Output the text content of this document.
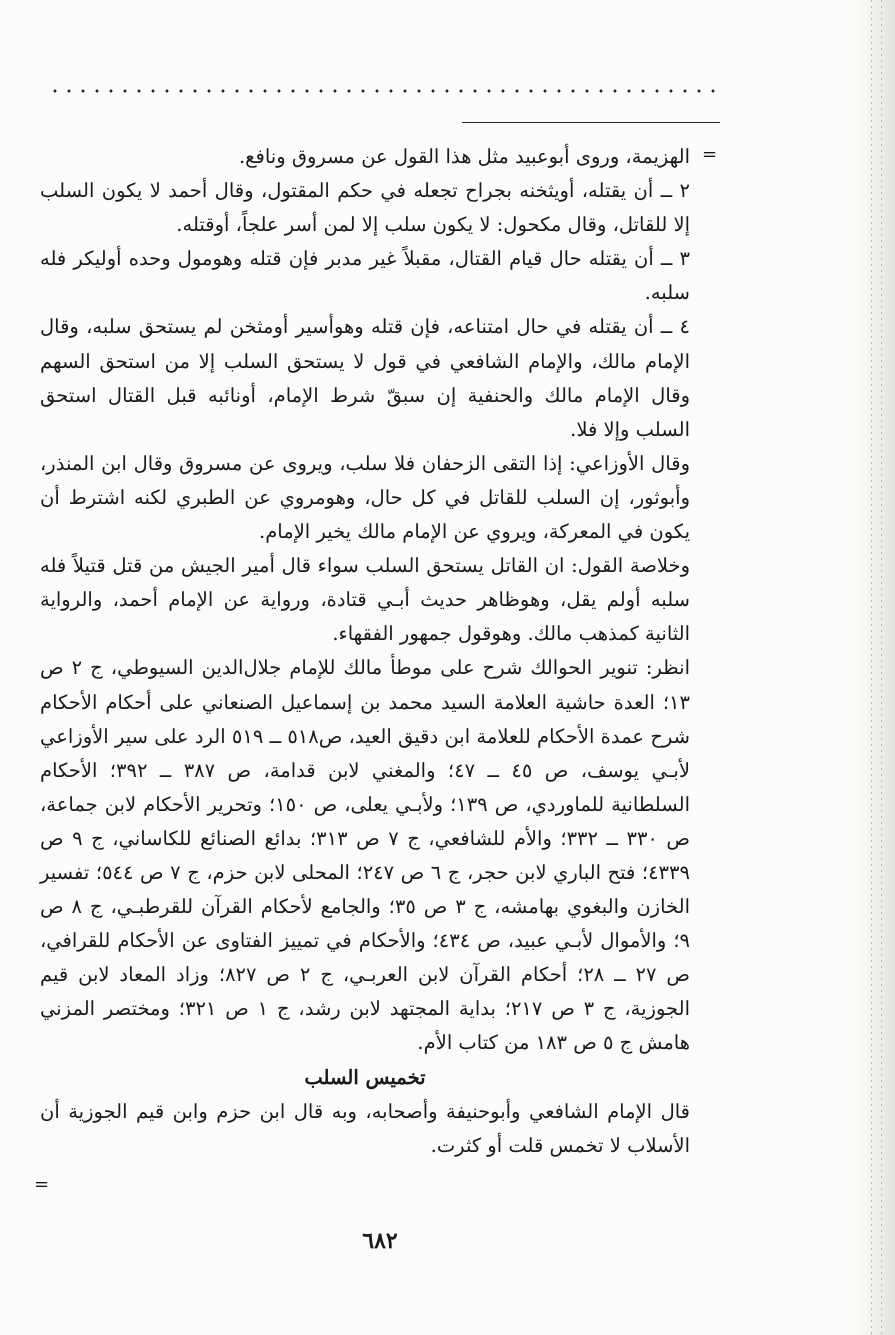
=

الهزيمة، وروى أبوعبيد مثل هذا القول عن مسروق ونافع.

٢ ــ أن يقتله، أويثخنه بجراح تجعله في حكم المقتول، وقال أحمد لا يكون السلب إلا للقاتل، وقال مكحول: لا يكون سلب إلا لمن أسر علجاً، أوقتله.

٣ ــ أن يقتله حال قيام القتال، مقبلاً غير مدبر فإن قتله وهومول وحده أوليكر فله سلبه.

٤ ــ أن يقتله في حال امتناعه، فإن قتله وهوأسير أومثخن لم يستحق سلبه، وقال الإمام مالك، والإمام الشافعي في قول لا يستحق السلب إلا من استحق السهم وقال الإمام مالك والحنفية إن سبقّ شرط الإمام، أونائبه قبل القتال استحق السلب وإلا فلا.

وقال الأوزاعي: إذا التقى الزحفان فلا سلب، ويروى عن مسروق وقال ابن المنذر، وأبوثور، إن السلب للقاتل في كل حال، وهومروي عن الطبري لكنه اشترط أن يكون في المعركة، ويروي عن الإمام مالك يخير الإمام.

وخلاصة القول: ان القاتل يستحق السلب سواء قال أمير الجيش من قتل قتيلاً فله سلبه أولم يقل، وهوظاهر حديث أبـي قتادة، ورواية عن الإمام أحمد، والرواية الثانية كمذهب مالك. وهوقول جمهور الفقهاء.

انظر: تنوير الحوالك شرح على موطأ مالك للإمام جلال‌الدين السيوطي، ج ٢ ص ١٣؛ العدة حاشية العلامة السيد محمد بن إسماعيل الصنعاني على أحكام الأحكام شرح عمدة الأحكام للعلامة ابن دقيق العيد، ص٥١٨ ــ ٥١٩ الرد على سير الأوزاعي لأبـي يوسف، ص ٤٥ ــ ٤٧؛ والمغني لابن قدامة، ص ٣٨٧ ــ ٣٩٢؛ الأحكام السلطانية للماوردي، ص ١٣٩؛ ولأبـي يعلى، ص ١٥٠؛ وتحرير الأحكام لابن جماعة، ص ٣٣٠ ــ ٣٣٢؛ والأم للشافعي، ج ٧ ص ٣١٣؛ بدائع الصنائع للكاساني، ج ٩ ص ٤٣٣٩؛ فتح الباري لابن حجر، ج ٦ ص ٢٤٧؛ المحلى لابن حزم، ج ٧ ص ٥٤٤؛ تفسير الخازن والبغوي بهامشه، ج ٣ ص ٣٥؛ والجامع لأحكام القرآن للقرطبـي، ج ٨ ص ٩؛ والأموال لأبـي عبيد، ص ٤٣٤؛ والأحكام في تمييز الفتاوى عن الأحكام للقرافي، ص ٢٧ ــ ٢٨؛ أحكام القرآن لابن العربـي، ج ٢ ص ٨٢٧؛ وزاد المعاد لابن قيم الجوزية، ج ٣ ص ٢١٧؛ بداية المجتهد لابن رشد، ج ١ ص ٣٢١؛ ومختصر المزني هامش ج ٥ ص ١٨٣ من كتاب الأم.

تخميس السلب

قال الإمام الشافعي وأبوحنيفة وأصحابه، وبه قال ابن حزم وابن قيم الجوزية أن الأسلاب لا تخمس قلت أو كثرت.

=
٦٨٢
